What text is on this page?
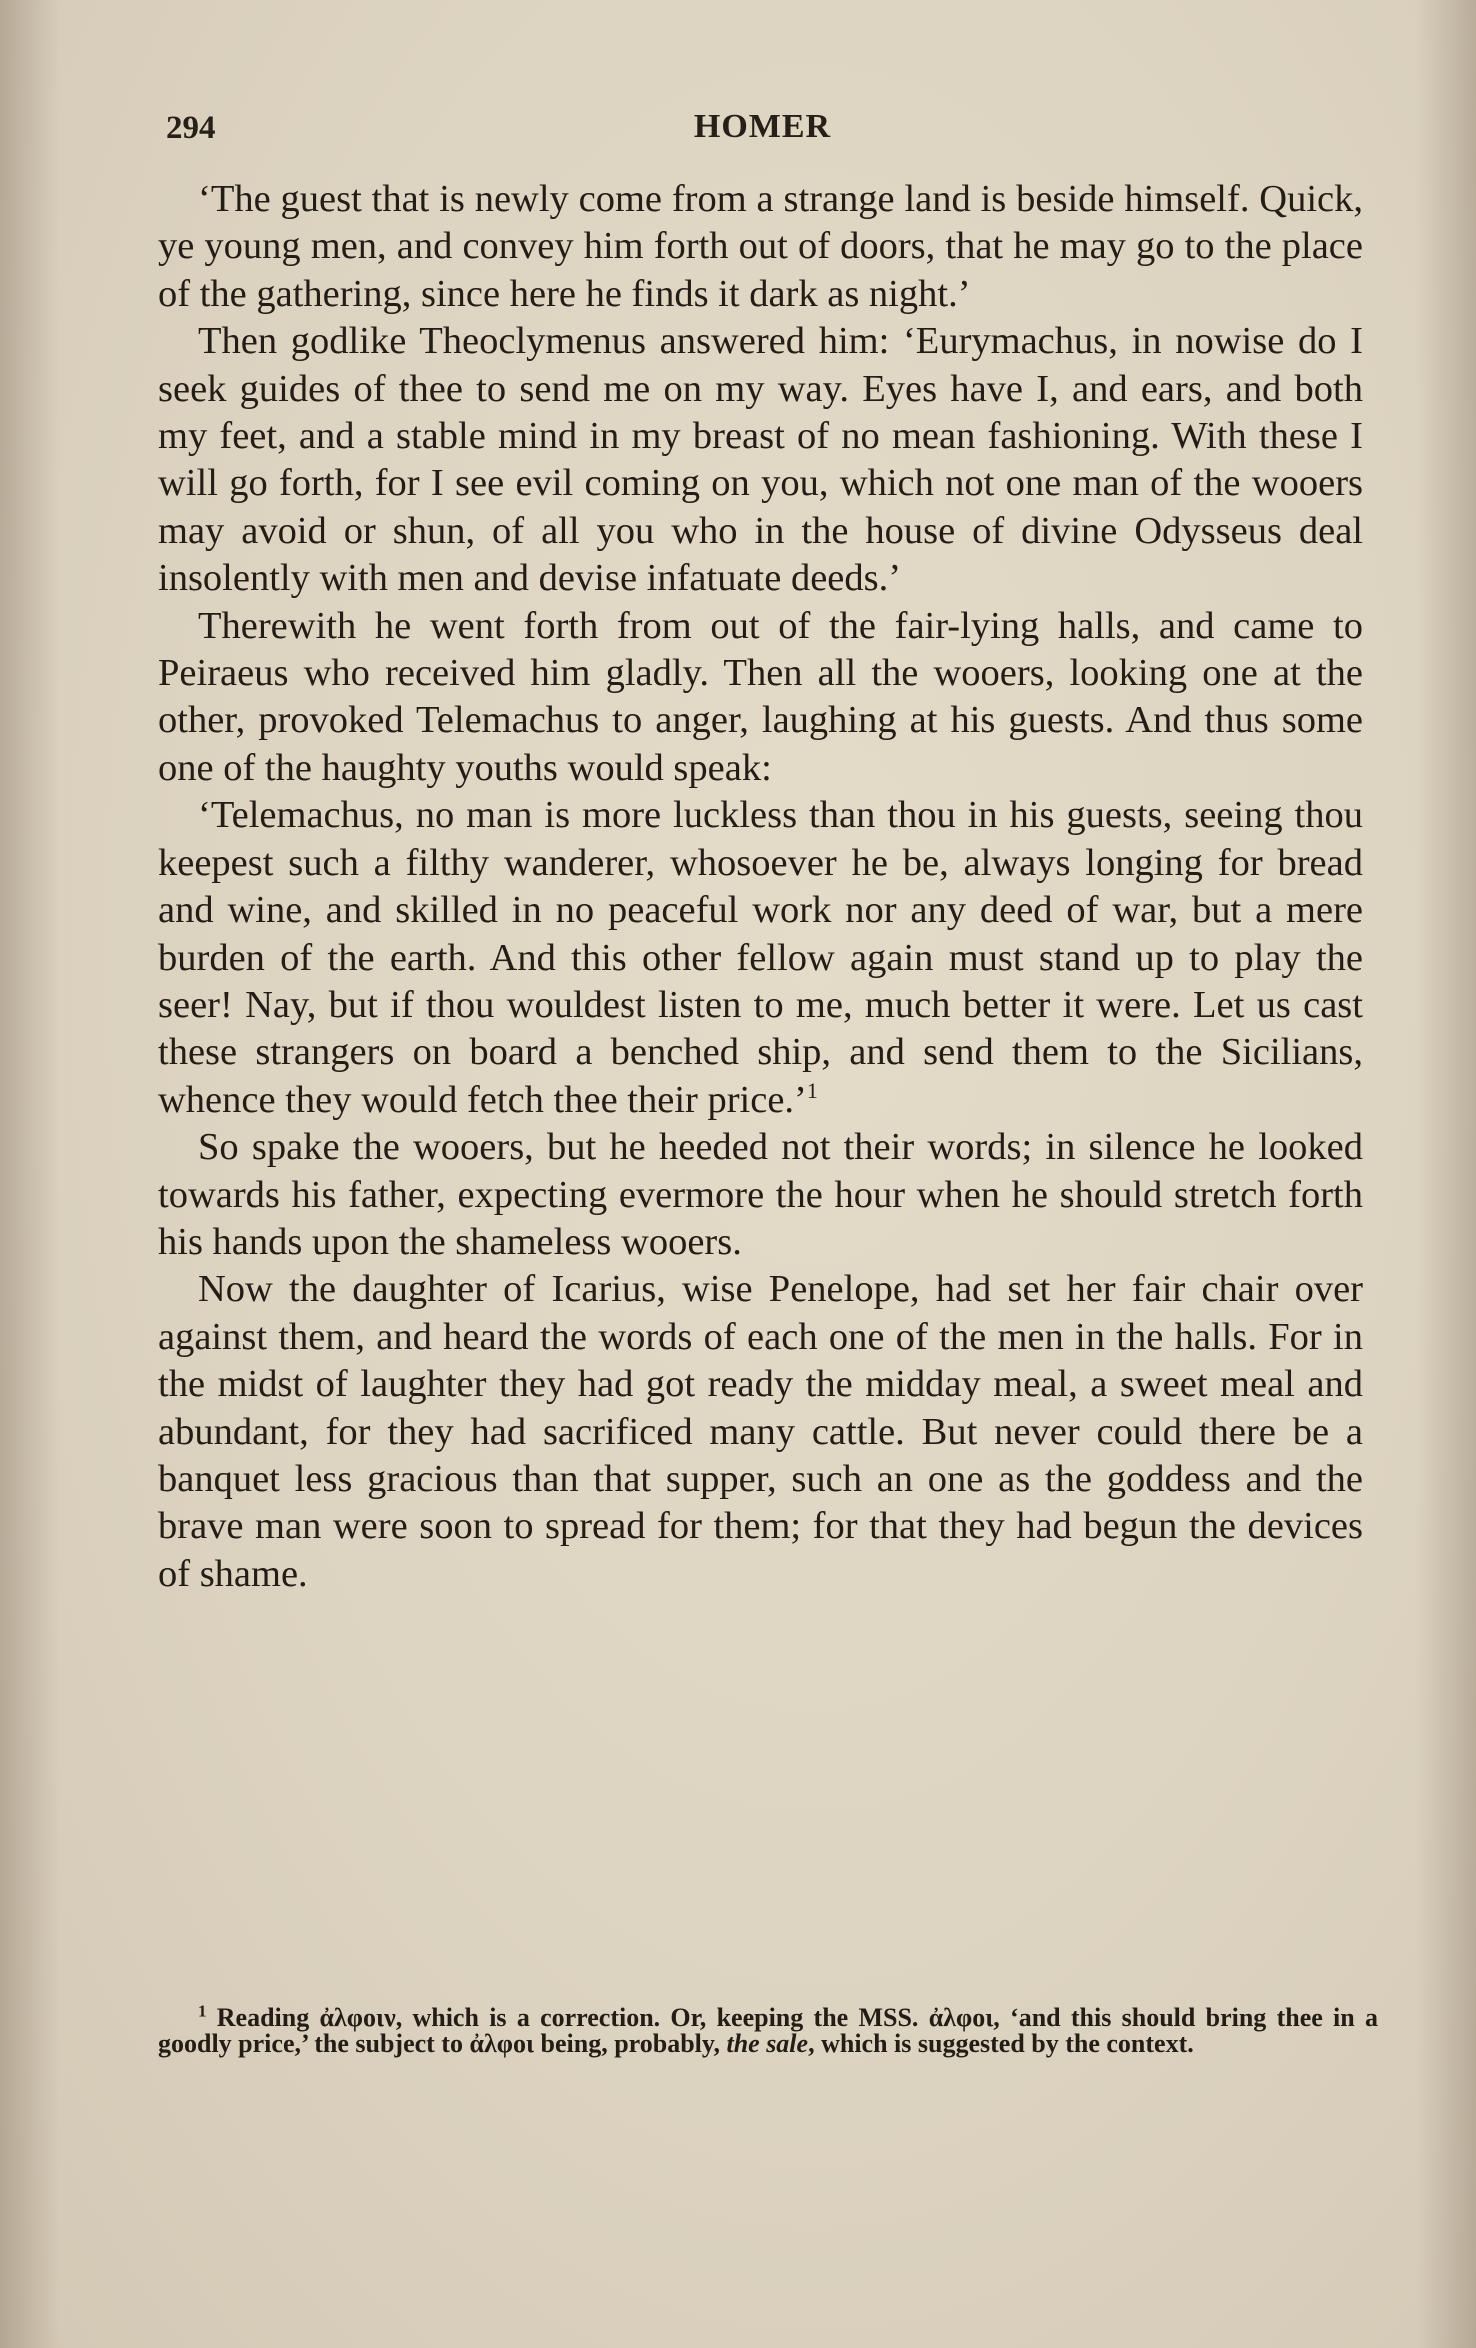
294	HOMER

‘The guest that is newly come from a strange land is beside himself. Quick, ye young men, and convey him forth out of doors, that he may go to the place of the gathering, since here he finds it dark as night.’

Then godlike Theoclymenus answered him: ‘Eurymachus, in nowise do I seek guides of thee to send me on my way. Eyes have I, and ears, and both my feet, and a stable mind in my breast of no mean fashioning. With these I will go forth, for I see evil coming on you, which not one man of the wooers may avoid or shun, of all you who in the house of divine Odysseus deal insolently with men and devise infatuate deeds.’

Therewith he went forth from out of the fair-lying halls, and came to Peiraeus who received him gladly. Then all the wooers, looking one at the other, provoked Telemachus to anger, laughing at his guests. And thus some one of the haughty youths would speak:

‘Telemachus, no man is more luckless than thou in his guests, seeing thou keepest such a filthy wanderer, whosoever he be, always longing for bread and wine, and skilled in no peaceful work nor any deed of war, but a mere burden of the earth. And this other fellow again must stand up to play the seer! Nay, but if thou wouldest listen to me, much better it were. Let us cast these strangers on board a benched ship, and send them to the Sicilians, whence they would fetch thee their price.’$^1$

So spake the wooers, but he heeded not their words; in silence he looked towards his father, expecting evermore the hour when he should stretch forth his hands upon the shameless wooers.

Now the daughter of Icarius, wise Penelope, had set her fair chair over against them, and heard the words of each one of the men in the halls. For in the midst of laughter they had got ready the midday meal, a sweet meal and abundant, for they had sacrificed many cattle. But never could there be a banquet less gracious than that supper, such an one as the goddess and the brave man were soon to spread for them; for that they had begun the devices of shame.

$^1$ Reading ἀλφοιν, which is a correction. Or, keeping the MSS. ἀλφοι, ‘and this should bring thee in a goodly price,’ the subject to ἀλφοι being, probably, the sale, which is suggested by the context.
